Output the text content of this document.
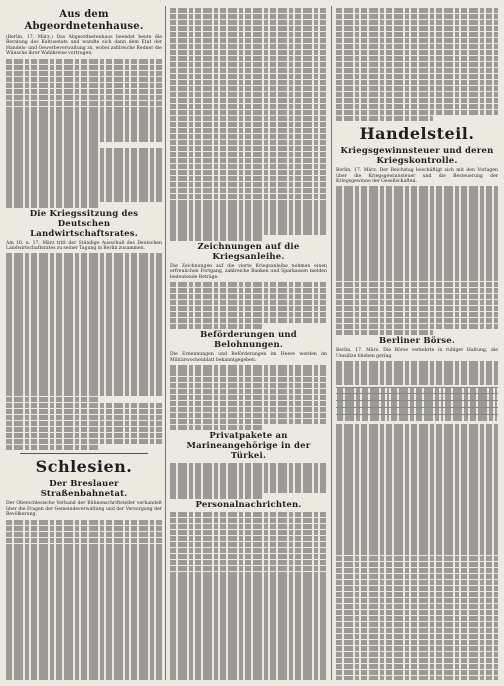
Aus dem Abgeordnetenhause.

(Berlin, 17. März.) Das Abgeordnetenhaus beendet heute die Beratung des Kultusetats und wandte sich dann dem Etat der Handels- und Gewerbeverwaltung zu, wobei zahlreiche Redner die Wünsche ihrer Wahlkreise vortrugen.

Die Kriegssitzung des Deutschen Landwirtschaftsrates.

Am 16. u. 17. März tritt der Ständige Ausschuß des Deutschen Landwirtschaftsrates zu seiner Tagung in Berlin zusammen.

Schlesien.
Der Breslauer Straßenbahnetat.

Der Oberschlesische Verband der Bühnenschriftsteller verhandelt über die Fragen der Gemeindeverwaltung und der Versorgung der Bevölkerung.

Zeichnungen auf die Kriegsanleihe.

Die Zeichnungen auf die vierte Kriegsanleihe nehmen einen erfreulichen Fortgang, zahlreiche Banken und Sparkassen melden bedeutende Beträge.

Beförderungen und Belohnungen.

Die Ernennungen und Beförderungen im Heere werden im Militärwochenblatt bekanntgegeben.

Privatpakete an Marineangehörige in der Türkei.
Personalnachrichten.
Handelsteil.
Kriegsgewinnsteuer und deren Kriegskontrolle.

Berlin, 17. März. Der Reichstag beschäftigt sich mit den Vorlagen über die Kriegsgewinnsteuer und die Besteuerung der Kriegsgewinne der Gesellschaften.

Berliner Börse.

Berlin, 17. März. Die Börse verkehrte in ruhiger Haltung, die Umsätze blieben gering.
